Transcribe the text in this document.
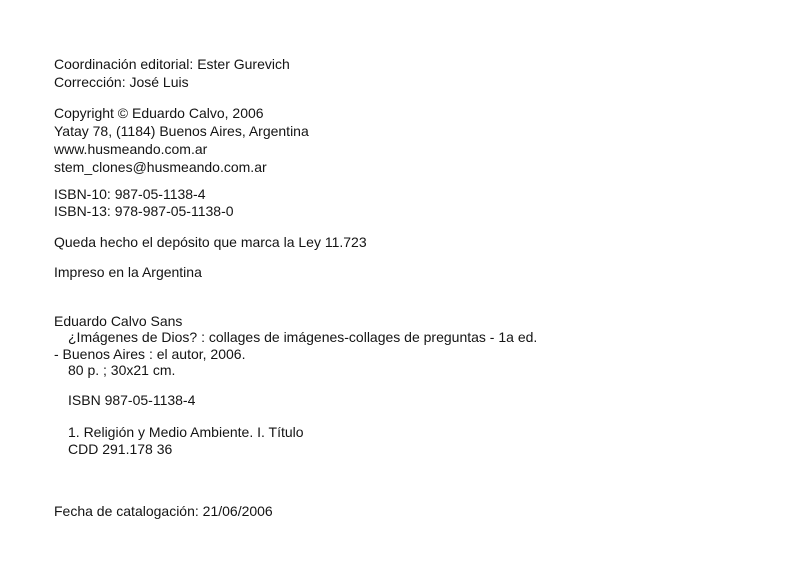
Coordinación editorial: Ester Gurevich
Corrección: José Luis
Copyright © Eduardo Calvo, 2006
Yatay 78, (1184) Buenos Aires, Argentina
www.husmeando.com.ar
stem_clones@husmeando.com.ar
ISBN-10: 987-05-1138-4
ISBN-13: 978-987-05-1138-0
Queda hecho el depósito que marca la Ley 11.723
Impreso en la Argentina
Eduardo Calvo Sans
¿Imágenes de Dios? : collages de imágenes-collages de preguntas - 1a ed.
- Buenos Aires : el autor, 2006.
80 p. ; 30x21 cm.
ISBN 987-05-1138-4
1. Religión y Medio Ambiente. I. Título
CDD 291.178 36
Fecha de catalogación: 21/06/2006
